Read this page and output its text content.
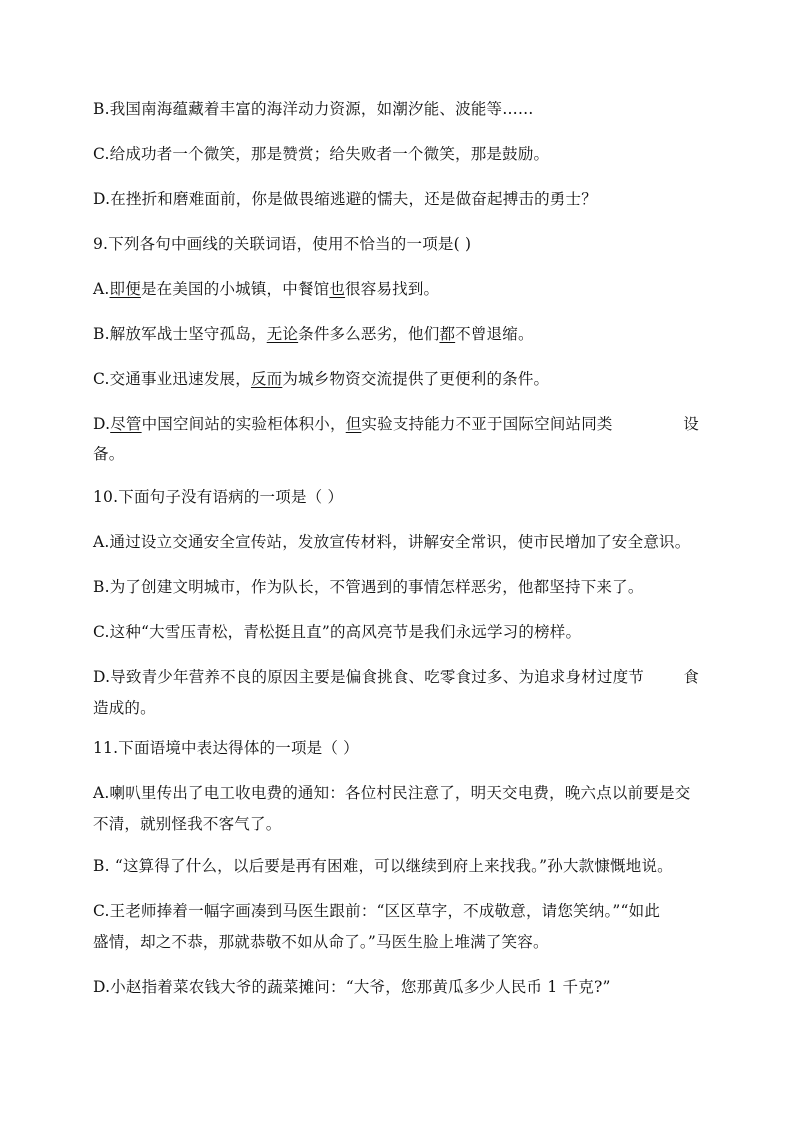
B.我国南海蕴藏着丰富的海洋动力资源，如潮汐能、波能等……
C.给成功者一个微笑，那是赞赏；给失败者一个微笑，那是鼓励。
D.在挫折和磨难面前，你是做畏缩逃避的懦夫，还是做奋起搏击的勇士？
9.下列各句中画线的关联词语，使用不恰当的一项是( )
A.即便是在美国的小城镇，中餐馆也很容易找到。
B.解放军战士坚守孤岛，无论条件多么恶劣，他们都不曾退缩。
C.交通事业迅速发展，反而为城乡物资交流提供了更便利的条件。
D.尽管中国空间站的实验柜体积小，但实验支持能力不亚于国际空间站同类	设
备。
10.下面句子没有语病的一项是（ ）
A.通过设立交通安全宣传站，发放宣传材料，讲解安全常识，使市民增加了安全意识。
B.为了创建文明城市，作为队长，不管遇到的事情怎样恶劣，他都坚持下来了。
C.这种“大雪压青松，青松挺且直”的高风亮节是我们永远学习的榜样。
D.导致青少年营养不良的原因主要是偏食挑食、吃零食过多、为追求身材过度节	食
造成的。
11.下面语境中表达得体的一项是（ ）
A.喇叭里传出了电工收电费的通知：各位村民注意了，明天交电费，晚六点以前要是交
不清，就别怪我不客气了。
B. “这算得了什么，以后要是再有困难，可以继续到府上来找我。”孙大款慷慨地说。
C.王老师捧着一幅字画凑到马医生跟前：“区区草字，不成敬意，请您笑纳。”“如此
盛情，却之不恭，那就恭敬不如从命了。”马医生脸上堆满了笑容。
D.小赵指着菜农钱大爷的蔬菜摊问：“大爷，您那黄瓜多少人民币 1 千克?”
